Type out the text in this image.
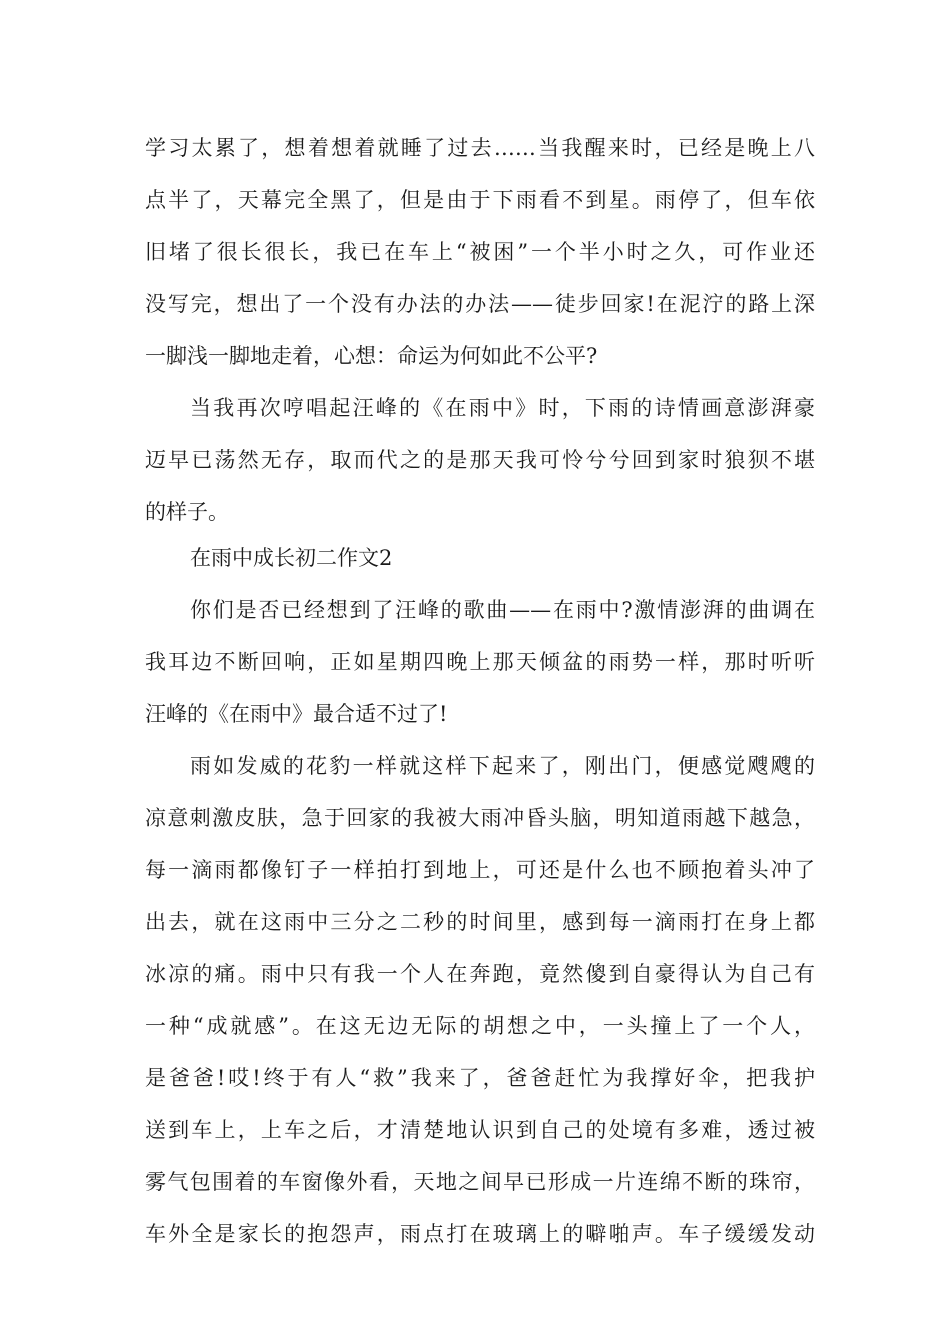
学习太累了，想着想着就睡了过去……当我醒来时，已经是晚上八
点半了，天幕完全黑了，但是由于下雨看不到星。雨停了，但车依
旧堵了很长很长，我已在车上“被困”一个半小时之久，可作业还
没写完，想出了一个没有办法的办法——徒步回家!在泥泞的路上深
一脚浅一脚地走着，心想：命运为何如此不公平?
当我再次哼唱起汪峰的《在雨中》时，下雨的诗情画意澎湃豪
迈早已荡然无存，取而代之的是那天我可怜兮兮回到家时狼狈不堪
的样子。
在雨中成长初二作文2
你们是否已经想到了汪峰的歌曲——在雨中?激情澎湃的曲调在
我耳边不断回响，正如星期四晚上那天倾盆的雨势一样，那时听听
汪峰的《在雨中》最合适不过了!
雨如发威的花豹一样就这样下起来了，刚出门，便感觉飕飕的
凉意刺激皮肤，急于回家的我被大雨冲昏头脑，明知道雨越下越急，
每一滴雨都像钉子一样拍打到地上，可还是什么也不顾抱着头冲了
出去，就在这雨中三分之二秒的时间里，感到每一滴雨打在身上都
冰凉的痛。雨中只有我一个人在奔跑，竟然傻到自豪得认为自己有
一种“成就感”。在这无边无际的胡想之中，一头撞上了一个人，
是爸爸!哎!终于有人“救”我来了，爸爸赶忙为我撑好伞，把我护
送到车上，上车之后，才清楚地认识到自己的处境有多难，透过被
雾气包围着的车窗像外看，天地之间早已形成一片连绵不断的珠帘，
车外全是家长的抱怨声，雨点打在玻璃上的噼啪声。车子缓缓发动
